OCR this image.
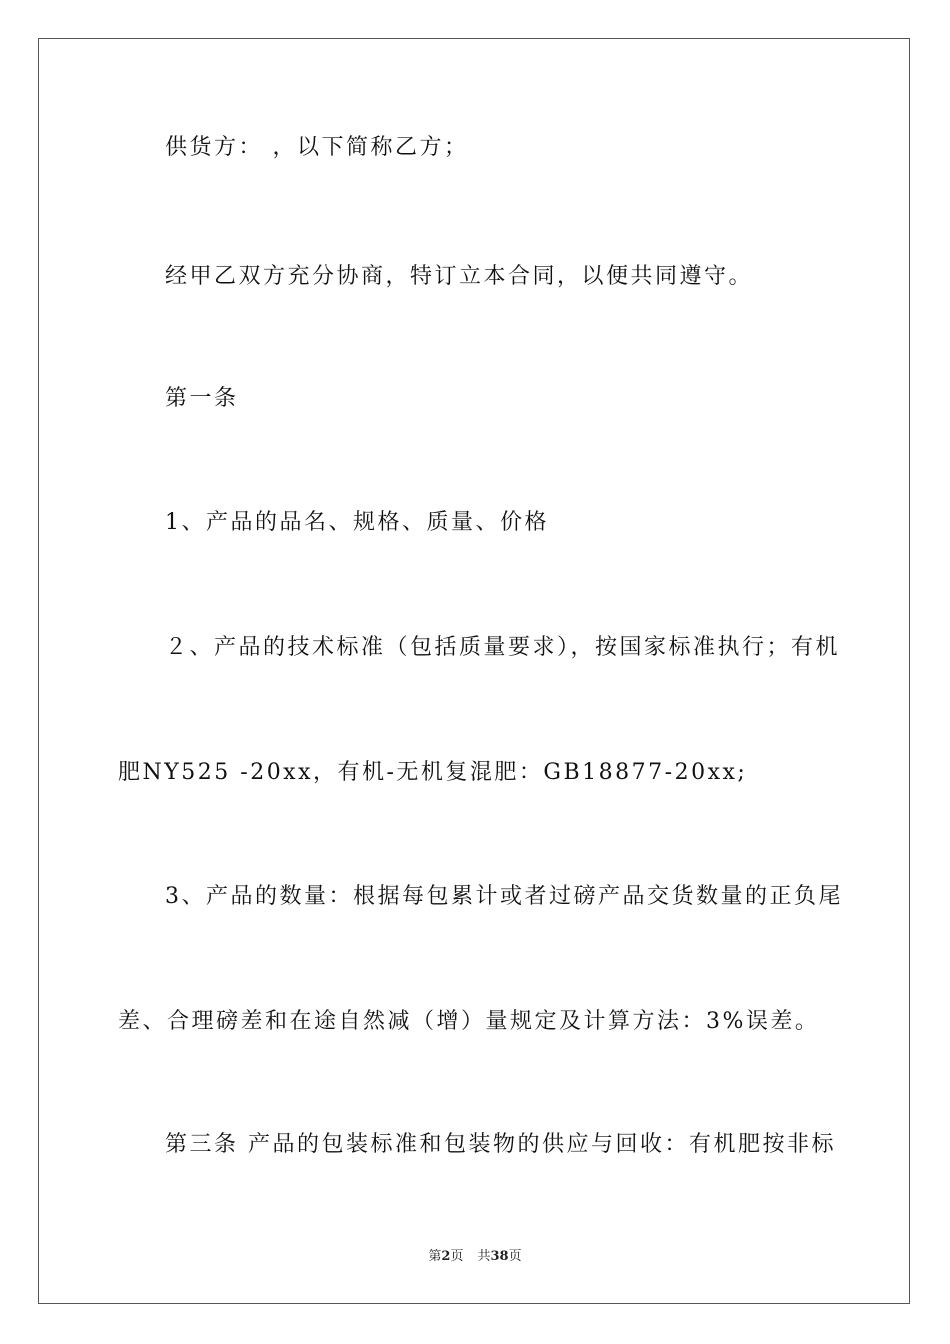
供货方： ，以下简称乙方；
经甲乙双方充分协商，特订立本合同，以便共同遵守。
第一条
1、产品的品名、规格、质量、价格
２、产品的技术标准（包括质量要求），按国家标准执行；有机
肥NY525 -20xx，有机-无机复混肥：GB18877-20xx;
3、产品的数量：根据每包累计或者过磅产品交货数量的正负尾
差、合理磅差和在途自然减（增）量规定及计算方法：3%误差。
第三条 产品的包装标准和包装物的供应与回收：有机肥按非标
第2页 共38页
